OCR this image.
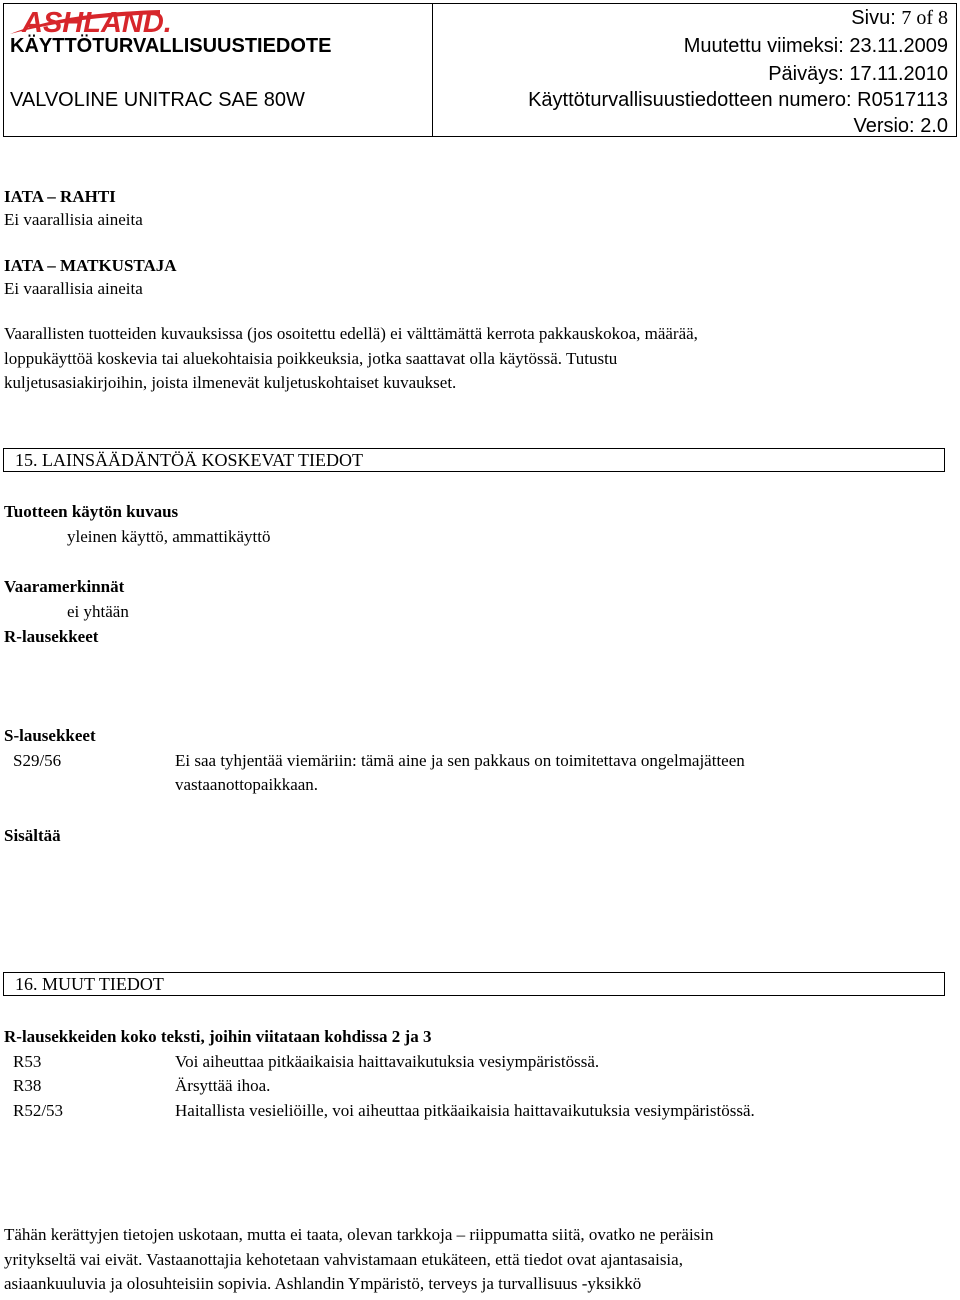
ASHLAND.
KÄYTTÖTURVALLISUUSTIEDOTE
VALVOLINE UNITRAC SAE 80W
Sivu: 7 of 8
Muutettu viimeksi: 23.11.2009
Päiväys: 17.11.2010
Käyttöturvallisuustiedotteen numero: R0517113
Versio: 2.0
IATA – RAHTI
Ei vaarallisia aineita
IATA – MATKUSTAJA
Ei vaarallisia aineita
Vaarallisten tuotteiden kuvauksissa (jos osoitettu edellä) ei välttämättä kerrota pakkauskokoa, määrää,
loppukäyttöä koskevia tai aluekohtaisia poikkeuksia, jotka saattavat olla käytössä. Tutustu
kuljetusasiakirjoihin, joista ilmenevät kuljetuskohtaiset kuvaukset.
15. LAINSÄÄDÄNTÖÄ KOSKEVAT TIEDOT
Tuotteen käytön kuvaus
yleinen käyttö, ammattikäyttö
Vaaramerkinnät
ei yhtään
R-lausekkeet
S-lausekkeet
S29/56	Ei saa tyhjentää viemäriin: tämä aine ja sen pakkaus on toimitettava ongelmajätteen
vastaanottopaikkaan.
Sisältää
16. MUUT TIEDOT
R-lausekkeiden koko teksti, joihin viitataan kohdissa 2 ja 3
R53	Voi aiheuttaa pitkäaikaisia haittavaikutuksia vesiympäristössä.
R38	Ärsyttää ihoa.
R52/53	Haitallista vesieliöille, voi aiheuttaa pitkäaikaisia haittavaikutuksia vesiympäristössä.
Tähän kerättyjen tietojen uskotaan, mutta ei taata, olevan tarkkoja – riippumatta siitä, ovatko ne peräisin
yritykseltä vai eivät. Vastaanottajia kehotetaan vahvistamaan etukäteen, että tiedot ovat ajantasaisia,
asiaankuuluvia ja olosuhteisiin sopivia. Ashlandin Ympäristö, terveys ja turvallisuus -yksikkö
